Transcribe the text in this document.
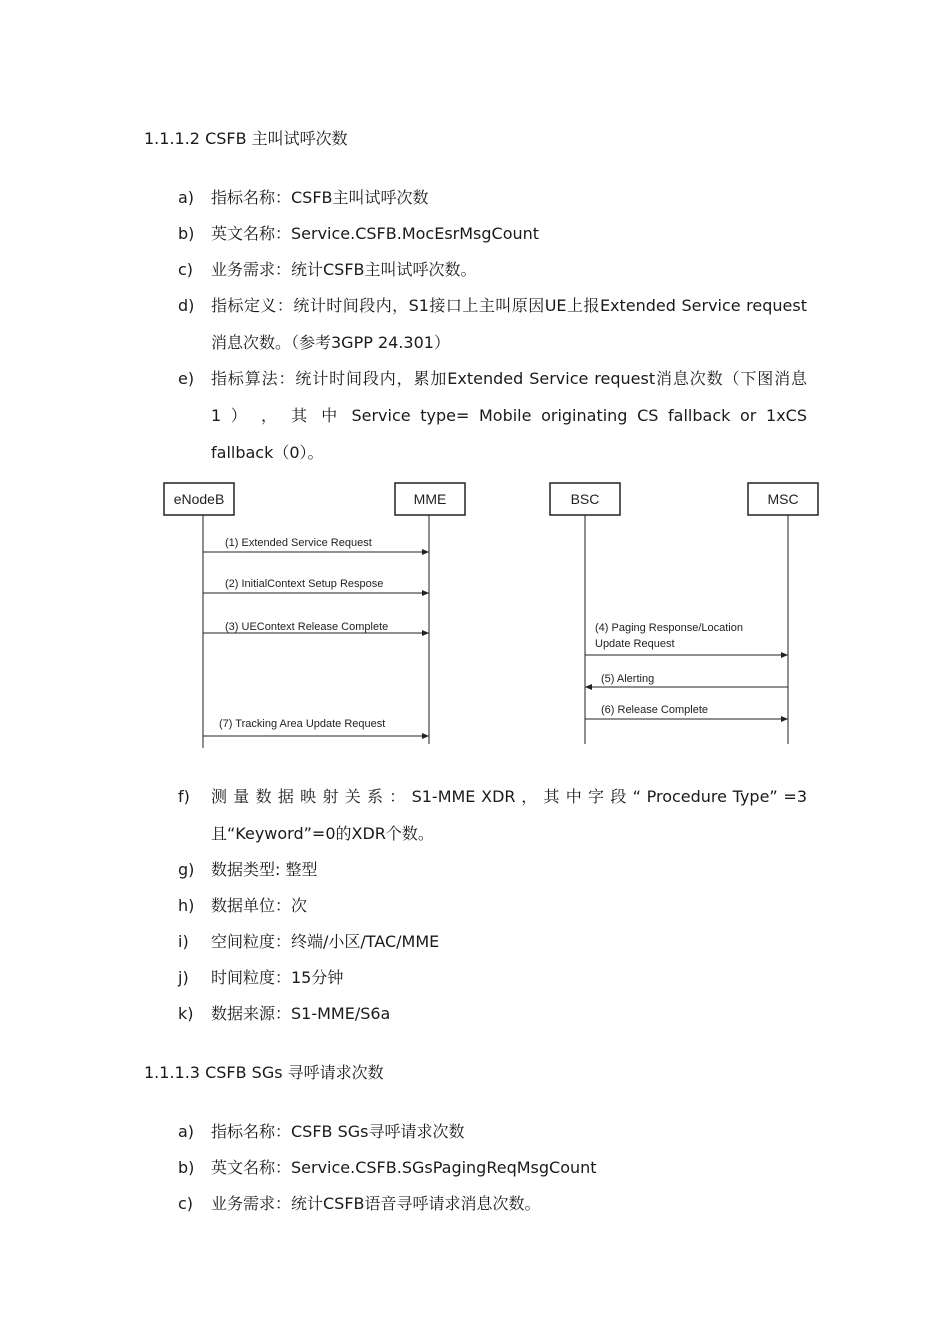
1.1.1.2 CSFB 主叫试呼次数
a) 指标名称：CSFB主叫试呼次数
b) 英文名称：Service.CSFB.MocEsrMsgCount
c) 业务需求：统计CSFB主叫试呼次数。
d) 指标定义：统计时间段内，S1接口上主叫原因UE上报Extended Service request
消息次数。（参考3GPP 24.301）
e) 指标算法：统计时间段内，累加Extended Service request消息次数（下图消息
1 ） ， 其 中 Service type= Mobile originating CS fallback or 1xCS
fallback（0）。
eNodeB	MME	BSC	MSC
(1) Extended Service Request
(2) InitialContext Setup Respose
(3) UEContext Release Complete	(4) Paging Response/Location
Update Request
(5) Alerting
(6) Release Complete
(7) Tracking Area Update Request
f) 测 量 数 据 映 射 关 系 ： S1-MME XDR ， 其 中 字 段 “ Procedure Type” =3
且“Keyword”=0的XDR个数。
g) 数据类型: 整型
h) 数据单位：次
i) 空间粒度：终端/小区/TAC/MME
j) 时间粒度：15分钟
k) 数据来源：S1-MME/S6a
1.1.1.3 CSFB SGs 寻呼请求次数
a) 指标名称：CSFB SGs寻呼请求次数
b) 英文名称：Service.CSFB.SGsPagingReqMsgCount
c) 业务需求：统计CSFB语音寻呼请求消息次数。
